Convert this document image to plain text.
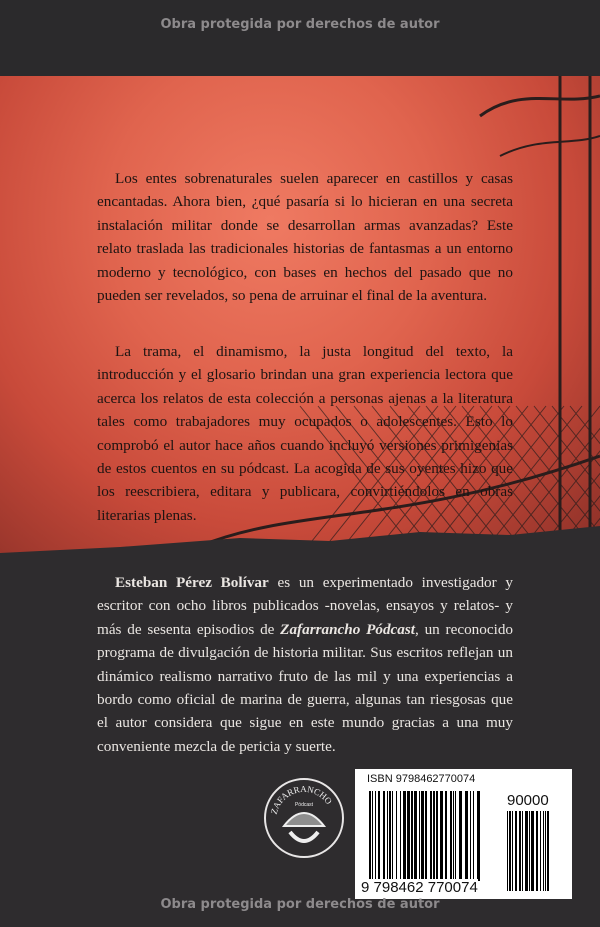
Obra protegida por derechos de autor

Los entes sobrenaturales suelen aparecer en castillos y casas encantadas. Ahora bien, ¿qué pasaría si lo hicieran en una secreta instalación militar donde se desarrollan armas avanzadas? Este relato traslada las tradicionales historias de fantasmas a un entorno moderno y tecnológico, con bases en hechos del pasado que no pueden ser revelados, so pena de arruinar el final de la aventura.

La trama, el dinamismo, la justa longitud del texto, la introducción y el glosario brindan una gran experiencia lectora que acerca los relatos de esta colección a personas ajenas a la literatura tales como trabajadores muy ocupados o adolescentes. Esto lo comprobó el autor hace años cuando incluyó versiones primigenias de estos cuentos en su pódcast. La acogida de sus oyentes hizo que los reescribiera, editara y publicara, convirtiéndolos en obras literarias plenas.

Esteban Pérez Bolívar es un experimentado investigador y escritor con ocho libros publicados -novelas, ensayos y relatos- y más de sesenta episodios de Zafarrancho Pódcast, un reconocido programa de divulgación de historia militar. Sus escritos reflejan un dinámico realismo narrativo fruto de las mil y una experiencias a bordo como oficial de marina de guerra, algunas tan riesgosas que el autor considera que sigue en este mundo gracias a una muy conveniente mezcla de pericia y suerte.

ZAFARRANCHO
Pódcast
ISBN 9798462770074
90000
9 798462 770074
Obra protegida por derechos de autor
